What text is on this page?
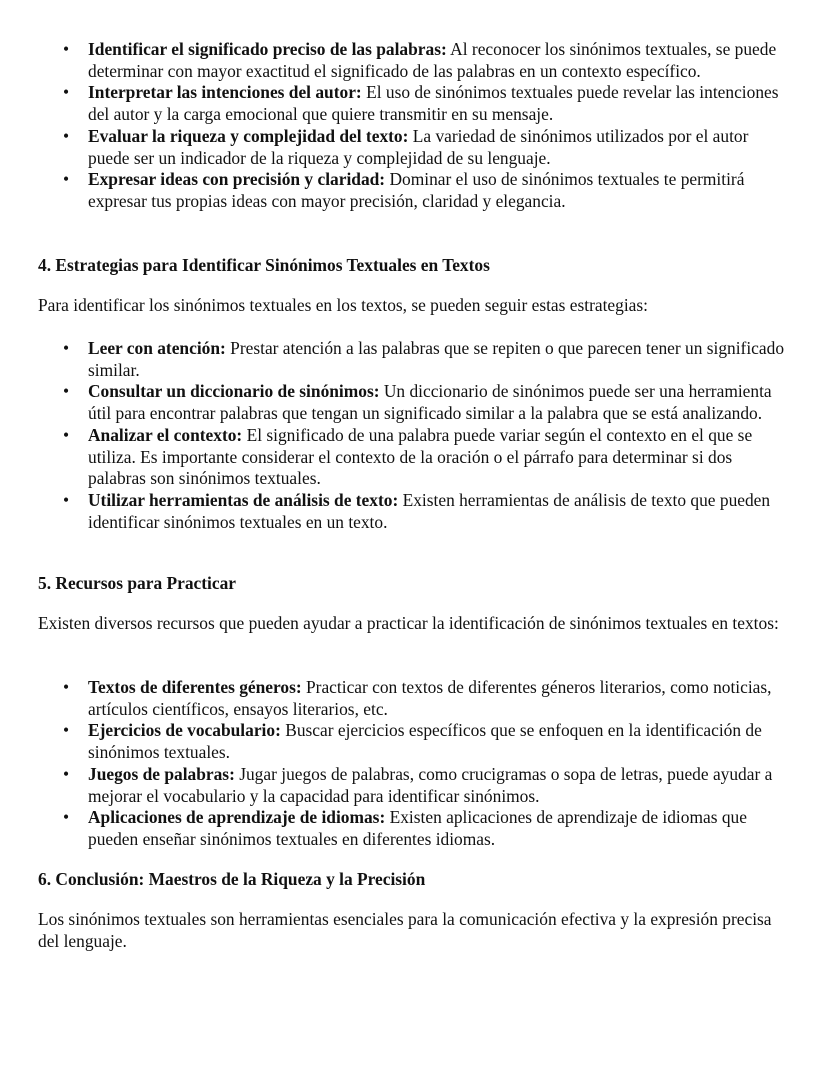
• Identificar el significado preciso de las palabras: Al reconocer los sinónimos textuales, se puede determinar con mayor exactitud el significado de las palabras en un contexto específico.
• Interpretar las intenciones del autor: El uso de sinónimos textuales puede revelar las intenciones del autor y la carga emocional que quiere transmitir en su mensaje.
• Evaluar la riqueza y complejidad del texto: La variedad de sinónimos utilizados por el autor puede ser un indicador de la riqueza y complejidad de su lenguaje.
• Expresar ideas con precisión y claridad: Dominar el uso de sinónimos textuales te permitirá expresar tus propias ideas con mayor precisión, claridad y elegancia.
4. Estrategias para Identificar Sinónimos Textuales en Textos

Para identificar los sinónimos textuales en los textos, se pueden seguir estas estrategias:

• Leer con atención: Prestar atención a las palabras que se repiten o que parecen tener un significado similar.
• Consultar un diccionario de sinónimos: Un diccionario de sinónimos puede ser una herramienta útil para encontrar palabras que tengan un significado similar a la palabra que se está analizando.
• Analizar el contexto: El significado de una palabra puede variar según el contexto en el que se utiliza. Es importante considerar el contexto de la oración o el párrafo para determinar si dos palabras son sinónimos textuales.
• Utilizar herramientas de análisis de texto: Existen herramientas de análisis de texto que pueden identificar sinónimos textuales en un texto.
5. Recursos para Practicar

Existen diversos recursos que pueden ayudar a practicar la identificación de sinónimos textuales en textos:

• Textos de diferentes géneros: Practicar con textos de diferentes géneros literarios, como noticias, artículos científicos, ensayos literarios, etc.
• Ejercicios de vocabulario: Buscar ejercicios específicos que se enfoquen en la identificación de sinónimos textuales.
• Juegos de palabras: Jugar juegos de palabras, como crucigramas o sopa de letras, puede ayudar a mejorar el vocabulario y la capacidad para identificar sinónimos.
• Aplicaciones de aprendizaje de idiomas: Existen aplicaciones de aprendizaje de idiomas que pueden enseñar sinónimos textuales en diferentes idiomas.
6. Conclusión: Maestros de la Riqueza y la Precisión

Los sinónimos textuales son herramientas esenciales para la comunicación efectiva y la expresión precisa del lenguaje.
